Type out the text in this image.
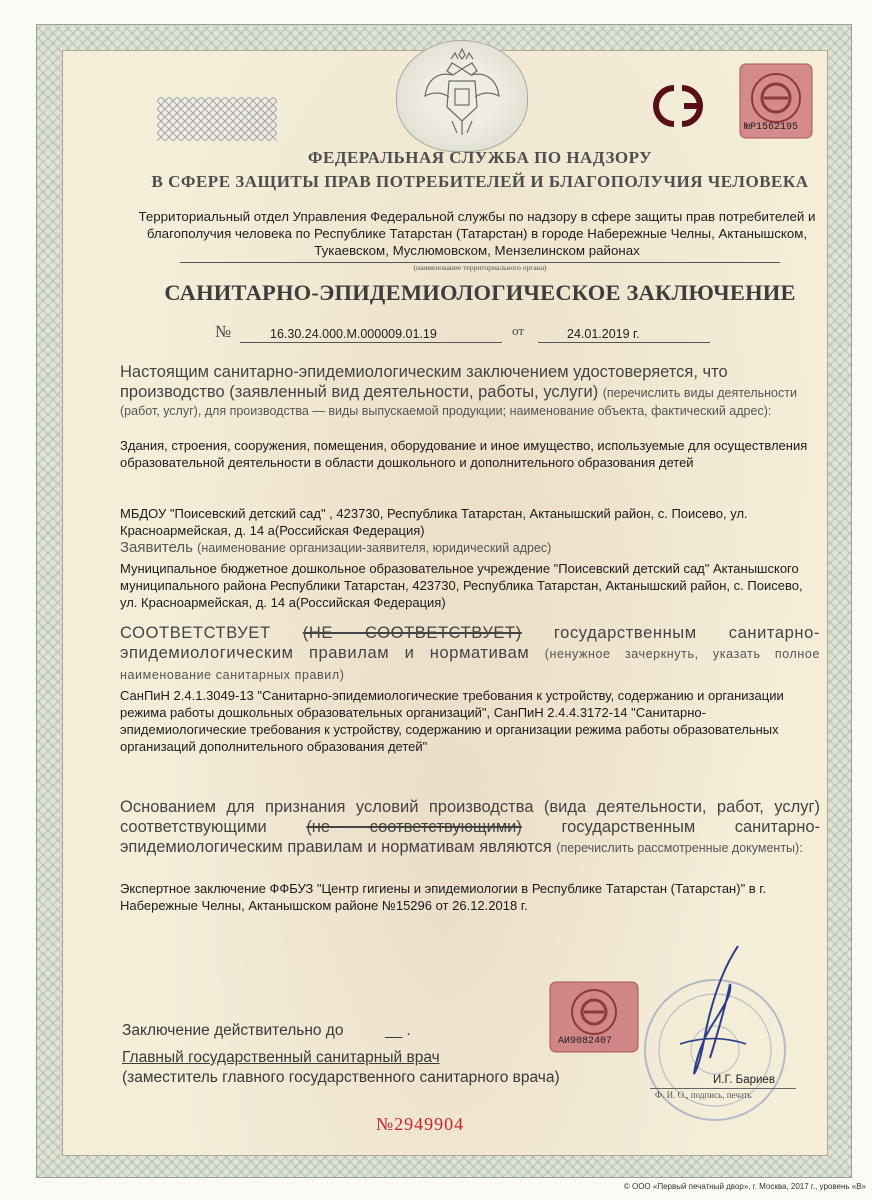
№Р1562195
ФЕДЕРАЛЬНАЯ СЛУЖБА ПО НАДЗОРУ
В СФЕРЕ ЗАЩИТЫ ПРАВ ПОТРЕБИТЕЛЕЙ И БЛАГОПОЛУЧИЯ ЧЕЛОВЕКА
Территориальный отдел Управления Федеральной службы по надзору в сфере защиты прав потребителей и благополучия человека по Республике Татарстан (Татарстан) в городе Набережные Челны, Актанышском, Тукаевском, Муслюмовском, Мензелинском районах
(наименование территориального органа)
САНИТАРНО-ЭПИДЕМИОЛОГИЧЕСКОЕ ЗАКЛЮЧЕНИЕ
№	16.30.24.000.М.000009.01.19	от	24.01.2019 г.
Настоящим санитарно-эпидемиологическим заключением удостоверяется, что производство (заявленный вид деятельности, работы, услуги) (перечислить виды деятельности (работ, услуг), для производства — виды выпускаемой продукции; наименование объекта, фактический адрес):
Здания, строения, сооружения, помещения, оборудование и иное имущество, используемые для осуществления образовательной деятельности в области дошкольного и дополнительного образования детей
МБДОУ "Поисевский детский сад" , 423730, Республика Татарстан, Актанышский район, с. Поисево, ул. Красноармейская, д. 14 а(Российская Федерация)
Заявитель (наименование организации-заявителя, юридический адрес)
Муниципальное бюджетное дошкольное образовательное учреждение "Поисевский детский сад" Актанышского муниципального района Республики Татарстан, 423730, Республика Татарстан, Актанышский район, с. Поисево, ул. Красноармейская, д. 14 а(Российская Федерация)
СООТВЕТСТВУЕТ (НЕ СООТВЕТСТВУЕТ) государственным санитарно-эпидемиологическим правилам и нормативам (ненужное зачеркнуть, указать полное наименование санитарных правил)
СанПиН 2.4.1.3049-13 "Санитарно-эпидемиологические требования к устройству, содержанию и организации режима работы дошкольных образовательных организаций", СанПиН 2.4.4.3172-14 "Санитарно-эпидемиологические требования к устройству, содержанию и организации режима работы образовательных организаций дополнительного образования детей"
Основанием для признания условий производства (вида деятельности, работ, услуг) соответствующими (не соответствующими) государственным санитарно-эпидемиологическим правилам и нормативам являются (перечислить рассмотренные документы):
Экспертное заключение ФФБУЗ "Центр гигиены и эпидемиологии в Республике Татарстан (Татарстан)" в г. Набережные Челны, Актанышском районе №15296 от 26.12.2018 г.
Заключение действительно до	__ .
Главный государственный санитарный врач
(заместитель главного государственного санитарного врача)
АИ9082407
И.Г. Бариев
Ф. И. О., подпись, печать
№2949904
© ООО «Первый печатный двор», г. Москва, 2017 г., уровень «В»
